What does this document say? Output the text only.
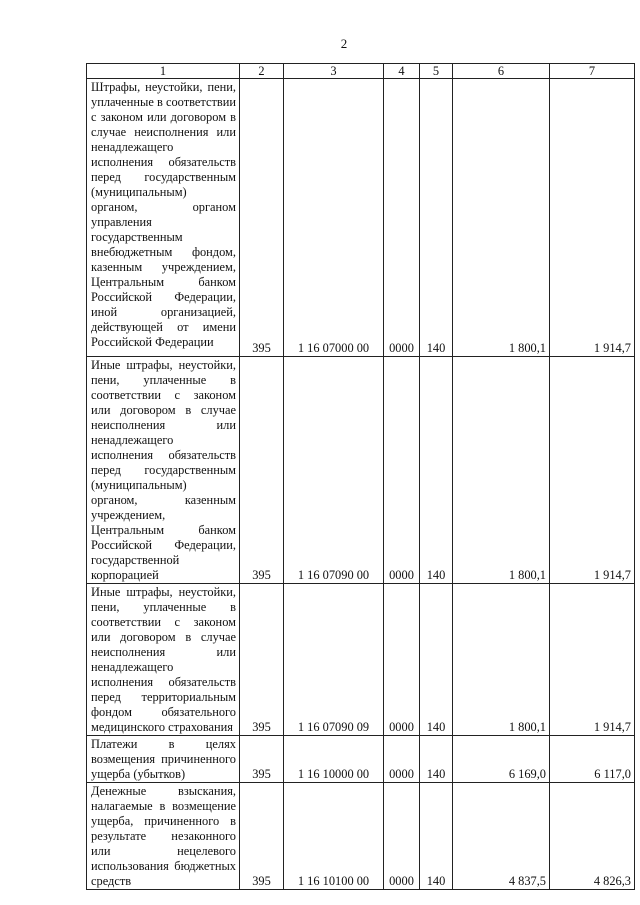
2
1	2	3	4	5	6	7
Штрафы, неустойки, пени, уплаченные в соответствии с законом или договором в случае неисполнения или ненадлежащего исполнения обязательств перед государственным (муниципальным) органом, органом управления государственным внебюджетным фондом, казенным учреждением, Центральным банком Российской Федерации, иной организацией, действующей от имени Российской Федерации	395	1 16 07000 00	0000	140	1 800,1	1 914,7
Иные штрафы, неустойки, пени, уплаченные в соответствии с законом или договором в случае неисполнения или ненадлежащего исполнения обязательств перед государственным (муниципальным) органом, казенным учреждением, Центральным банком Российской Федерации, государственной корпорацией	395	1 16 07090 00	0000	140	1 800,1	1 914,7
Иные штрафы, неустойки, пени, уплаченные в соответствии с законом или договором в случае неисполнения или ненадлежащего исполнения обязательств перед территориальным фондом обязательного медицинского страхования	395	1 16 07090 09	0000	140	1 800,1	1 914,7
Платежи в целях возмещения причиненного ущерба (убытков)	395	1 16 10000 00	0000	140	6 169,0	6 117,0
Денежные взыскания, налагаемые в возмещение ущерба, причиненного в результате незаконного или нецелевого использования бюджетных средств	395	1 16 10100 00	0000	140	4 837,5	4 826,3
